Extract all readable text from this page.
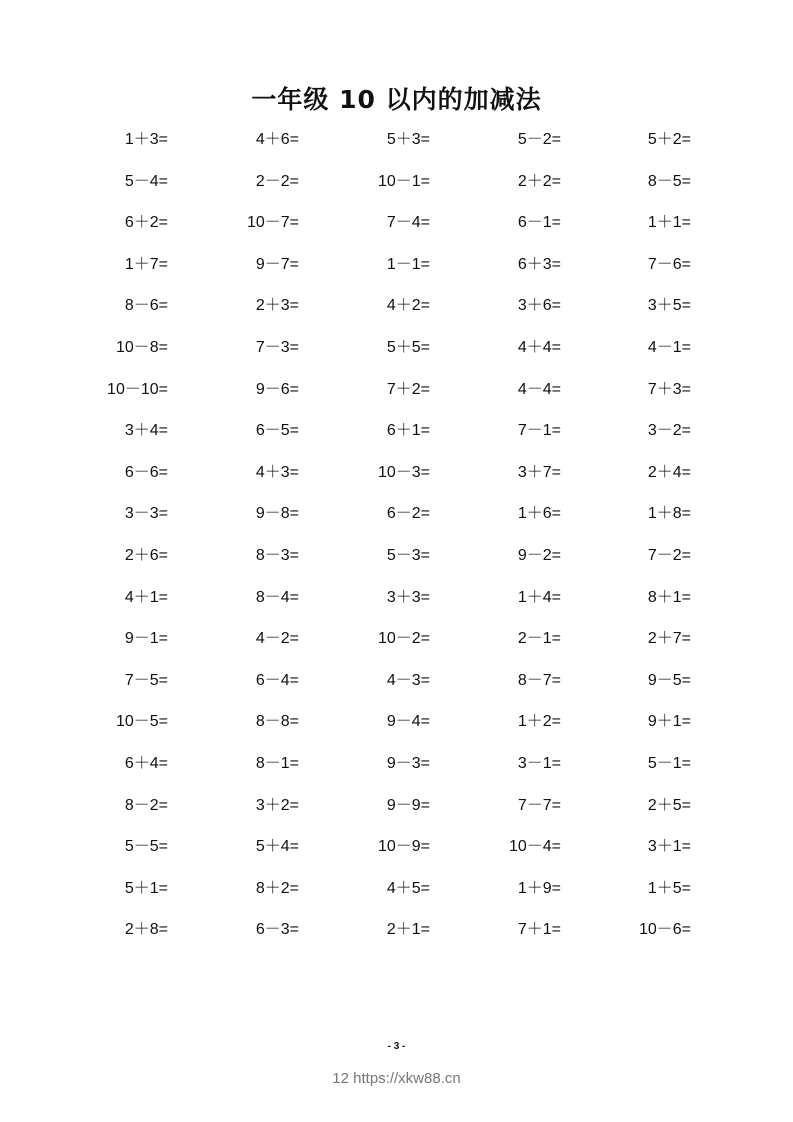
一年级 10 以内的加减法
1＋3=	4＋6=	5＋3=	5－2=	5＋2=
5－4=	2－2=	10－1=	2＋2=	8－5=
6＋2=	10－7=	7－4=	6－1=	1＋1=
1＋7=	9－7=	1－1=	6＋3=	7－6=
8－6=	2＋3=	4＋2=	3＋6=	3＋5=
10－8=	7－3=	5＋5=	4＋4=	4－1=
10－10=	9－6=	7＋2=	4－4=	7＋3=
3＋4=	6－5=	6＋1=	7－1=	3－2=
6－6=	4＋3=	10－3=	3＋7=	2＋4=
3－3=	9－8=	6－2=	1＋6=	1＋8=
2＋6=	8－3=	5－3=	9－2=	7－2=
4＋1=	8－4=	3＋3=	1＋4=	8＋1=
9－1=	4－2=	10－2=	2－1=	2＋7=
7－5=	6－4=	4－3=	8－7=	9－5=
10－5=	8－8=	9－4=	1＋2=	9＋1=
6＋4=	8－1=	9－3=	3－1=	5－1=
8－2=	3＋2=	9－9=	7－7=	2＋5=
5－5=	5＋4=	10－9=	10－4=	3＋1=
5＋1=	8＋2=	4＋5=	1＋9=	1＋5=
2＋8=	6－3=	2＋1=	7＋1=	10－6=
- 3 -
12 https://xkw88.cn
